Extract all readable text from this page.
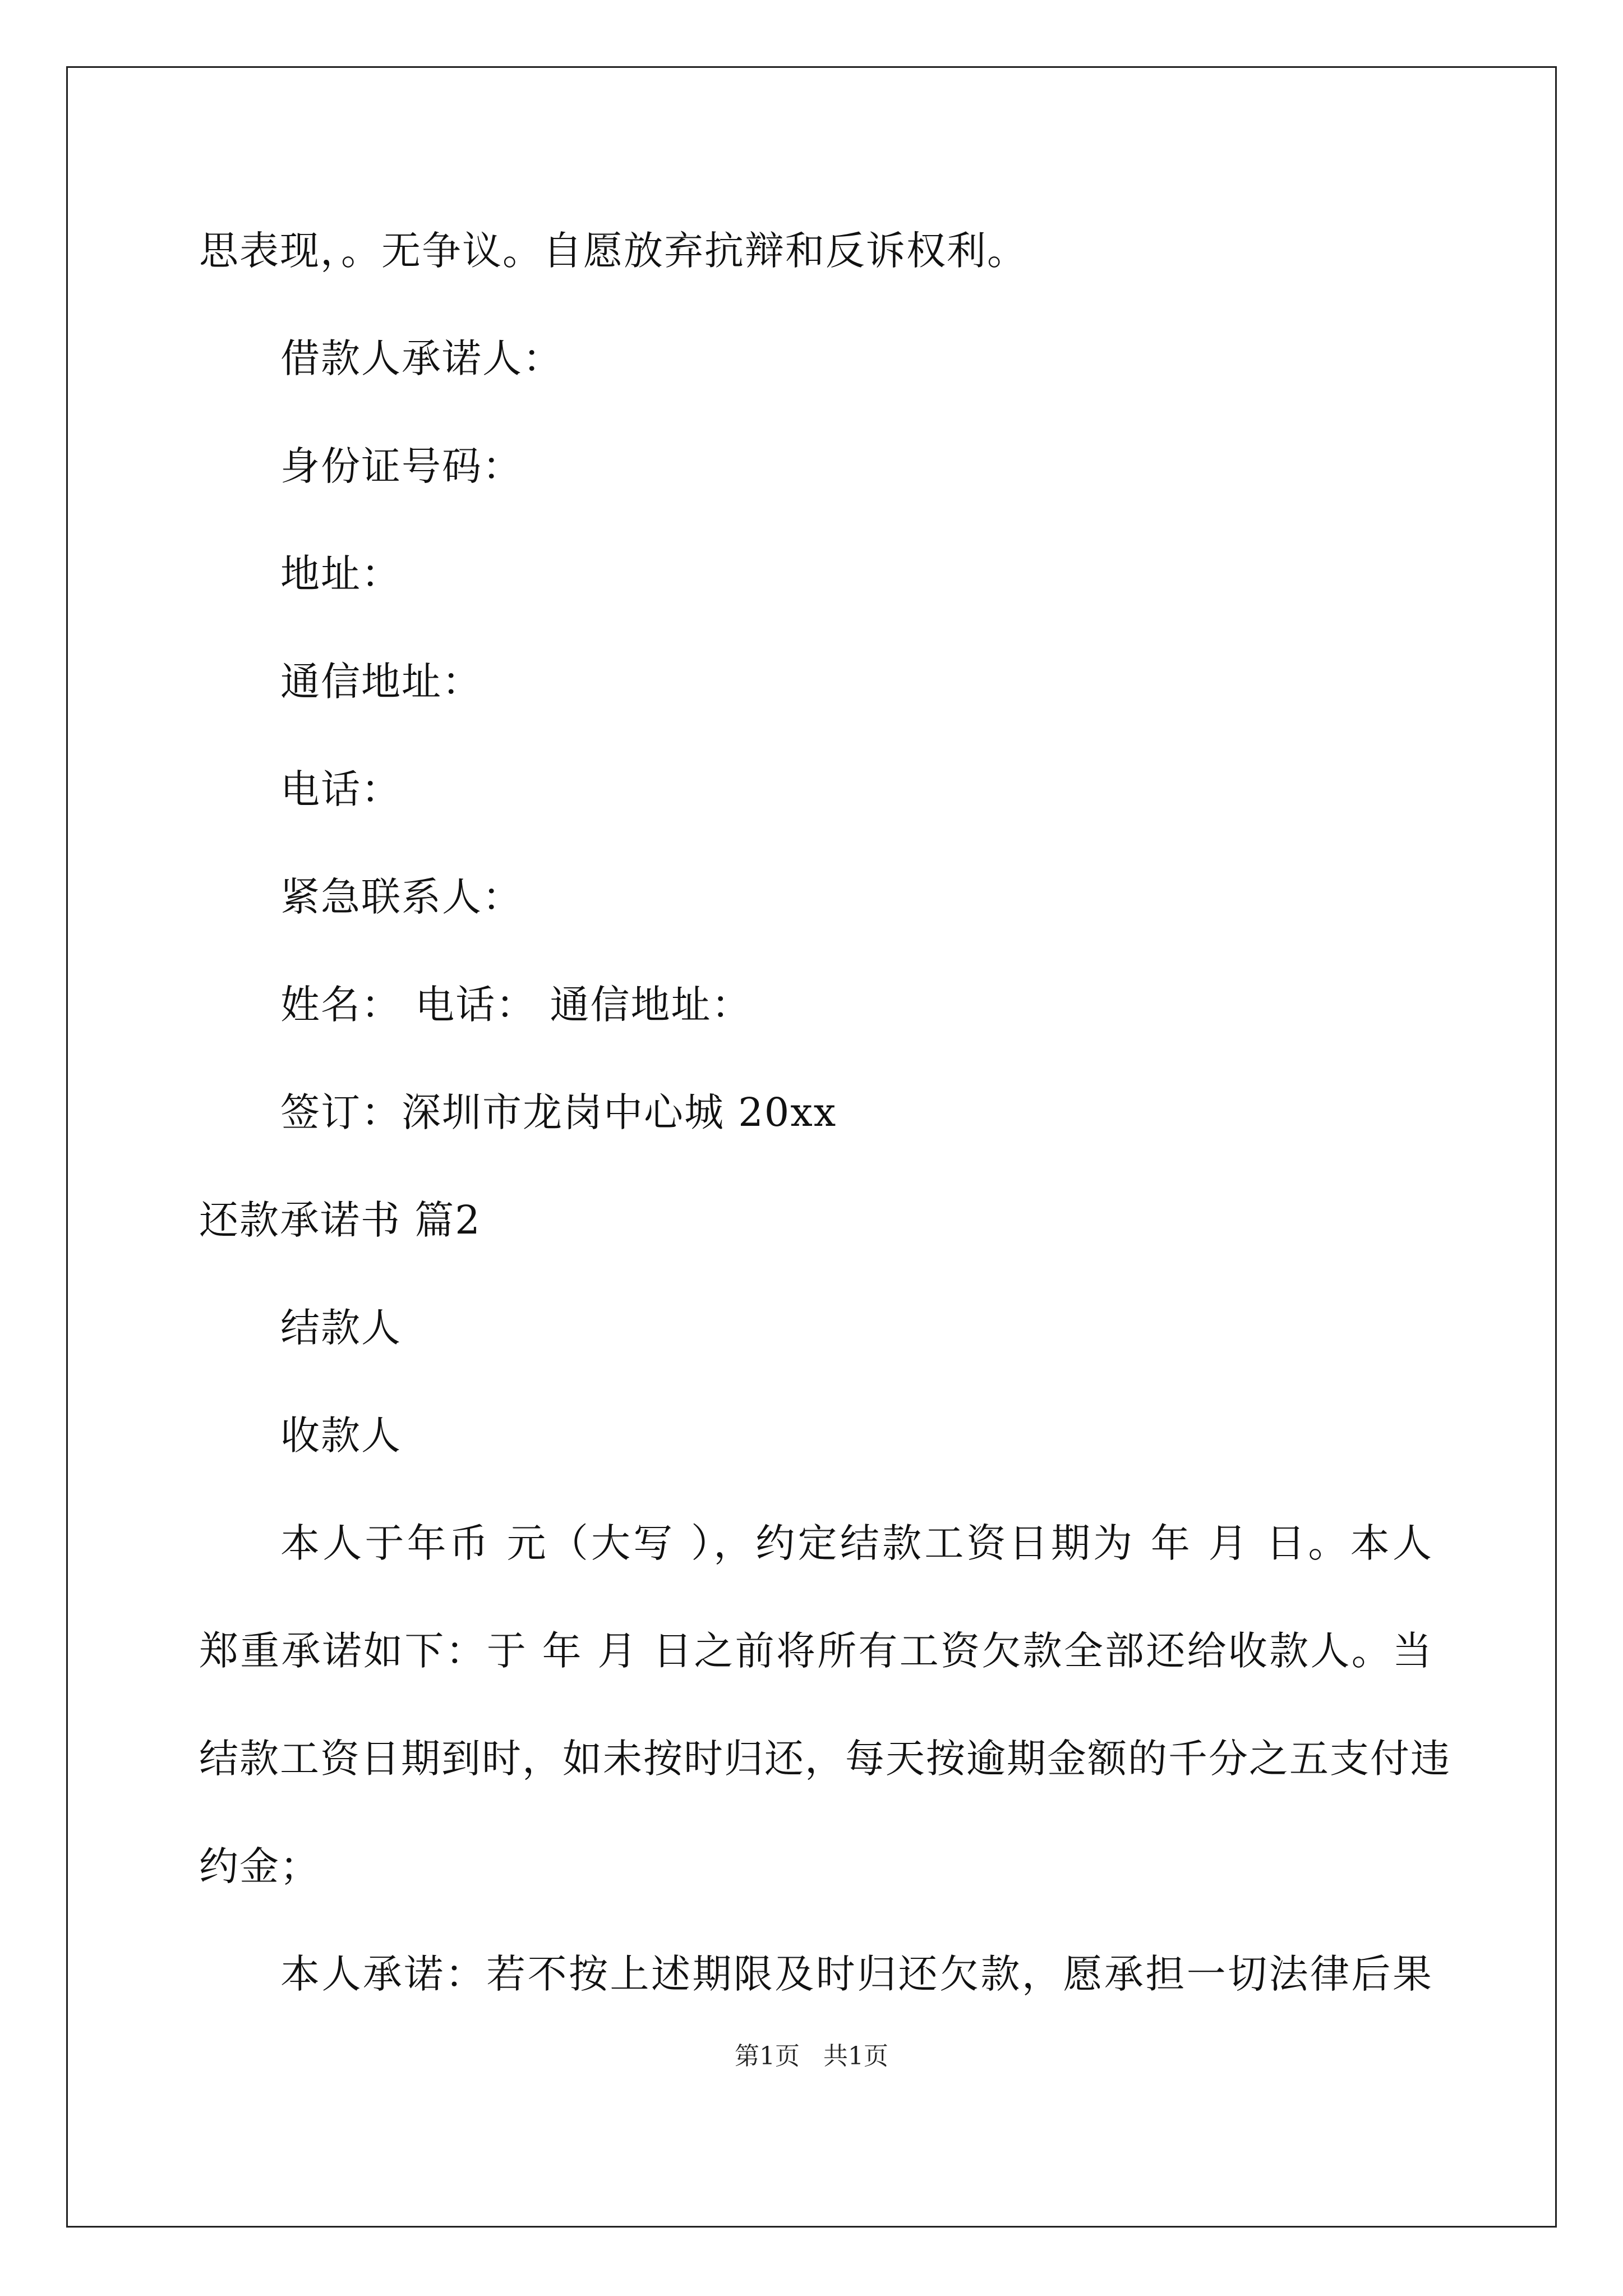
思表现，。无争议。自愿放弃抗辩和反诉权利。
借款人承诺人：
身份证号码：
地址：
通信地址：
电话：
紧急联系人：
姓名： 电话： 通信地址：
签订：深圳市龙岗中心城 20xx
还款承诺书 篇2
结款人
收款人
本人于年币 元（大写 ），约定结款工资日期为 年 月 日。本人
郑重承诺如下：于 年 月 日之前将所有工资欠款全部还给收款人。当
结款工资日期到时，如未按时归还，每天按逾期金额的千分之五支付违
约金；
本人承诺：若不按上述期限及时归还欠款，愿承担一切法律后果
第1页   共1页
